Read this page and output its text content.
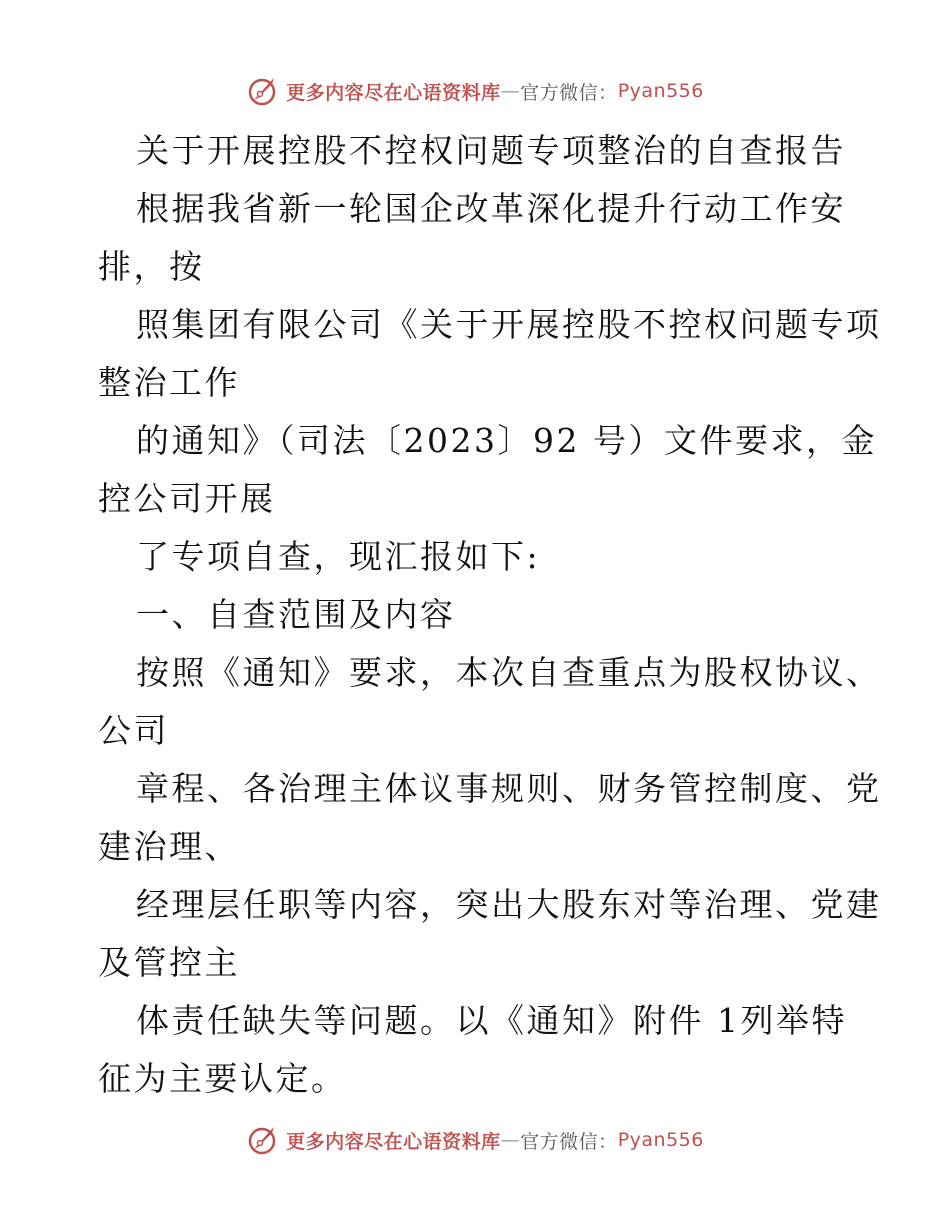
更多内容尽在心语资料库 — 官方微信： Pyan556
关于开展控股不控权问题专项整治的自查报告
根据我省新一轮国企改革深化提升行动工作安
排，按
照集团有限公司《关于开展控股不控权问题专项
整治工作
的通知》（司法〔2023〕92 号）文件要求，金
控公司开展
了专项自查，现汇报如下:
一、自查范围及内容
按照《通知》要求，本次自查重点为股权协议、
公司
章程、各治理主体议事规则、财务管控制度、党
建治理、
经理层任职等内容，突出大股东对等治理、党建
及管控主
体责任缺失等问题。以《通知》附件 1列举特
征为主要认定。
更多内容尽在心语资料库 — 官方微信： Pyan556
